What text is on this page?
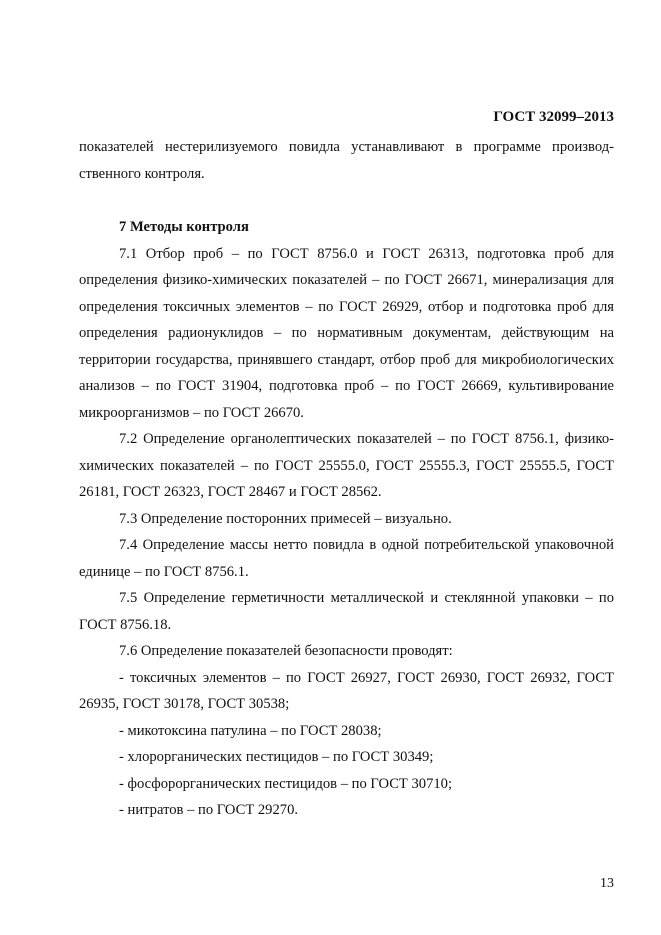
ГОСТ 32099–2013

показателей нестерилизуемого повидла устанавливают в программе производственного контроля.

7 Методы контроля

7.1 Отбор проб – по ГОСТ 8756.0 и ГОСТ 26313, подготовка проб для определения физико-химических показателей – по ГОСТ 26671, минерализация для определения токсичных элементов – по ГОСТ 26929, отбор и подготовка проб для определения радионуклидов – по нормативным документам, действующим на территории государства, принявшего стандарт, отбор проб для микробиологических анализов – по ГОСТ 31904, подготовка проб – по ГОСТ 26669, культивирование микроорганизмов – по ГОСТ 26670.

7.2 Определение органолептических показателей – по ГОСТ 8756.1, физико-химических показателей – по ГОСТ 25555.0, ГОСТ 25555.3, ГОСТ 25555.5, ГОСТ 26181, ГОСТ 26323, ГОСТ 28467 и ГОСТ 28562.

7.3 Определение посторонних примесей – визуально.

7.4 Определение массы нетто повидла в одной потребительской упаковочной единице – по ГОСТ 8756.1.

7.5 Определение герметичности металлической и стеклянной упаковки – по ГОСТ 8756.18.

7.6 Определение показателей безопасности проводят:

- токсичных элементов – по ГОСТ 26927, ГОСТ 26930, ГОСТ 26932, ГОСТ 26935, ГОСТ 30178, ГОСТ 30538;

- микотоксина патулина – по ГОСТ 28038;

- хлорорганических пестицидов – по ГОСТ 30349;

- фосфорорганических пестицидов – по ГОСТ 30710;

- нитратов – по ГОСТ 29270.

13
